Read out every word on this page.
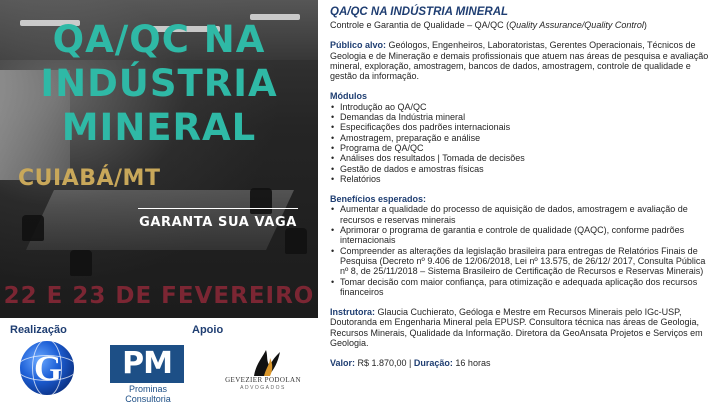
QA/QC NA
INDÚSTRIA
MINERAL
CUIABÁ/MT
GARANTA SUA VAGA
22 E 23 DE FEVEREIRO
Realização	Apoio
G	PM
Prominas Consultoria
GEVEZIER PODOLAN
ADVOGADOS
QA/QC NA INDÚSTRIA MINERAL
Controle e Garantia de Qualidade – QA/QC (Quality Assurance/Quality Control)
Público alvo: Geólogos, Engenheiros, Laboratoristas, Gerentes Operacionais, Técnicos de Geologia e de Mineração e demais profissionais que atuem nas áreas de pesquisa e avaliação mineral, exploração, amostragem, bancos de dados, amostragem, controle de qualidade e gestão da informação.
Módulos
• Introdução ao QA/QC
• Demandas da Indústria mineral
• Especificações dos padrões internacionais
• Amostragem, preparação e análise
• Programa de QA/QC
• Análises dos resultados | Tomada de decisões
• Gestão de dados e amostras físicas
• Relatórios
Benefícios esperados:
• Aumentar a qualidade do processo de aquisição de dados, amostragem e avaliação de recursos e reservas minerais
• Aprimorar o programa de garantia e controle de qualidade (QAQC), conforme padrões internacionais
• Compreender as alterações da legislação brasileira para entregas de Relatórios Finais de Pesquisa (Decreto nº 9.406 de 12/06/2018, Lei nº 13.575, de 26/12/ 2017, Consulta Pública nº 8, de 25/11/2018 – Sistema Brasileiro de Certificação de Recursos e Reservas Minerais)
• Tomar decisão com maior confiança, para otimização e adequada aplicação dos recursos financeiros
Instrutora: Glaucia Cuchierato, Geóloga e Mestre em Recursos Minerais pelo IGc-USP, Doutoranda em Engenharia Mineral pela EPUSP. Consultora técnica nas áreas de Geologia, Recursos Minerais, Qualidade da Informação. Diretora da GeoAnsata Projetos e Serviços em Geologia.
Valor: R$ 1.870,00 | Duração: 16 horas
